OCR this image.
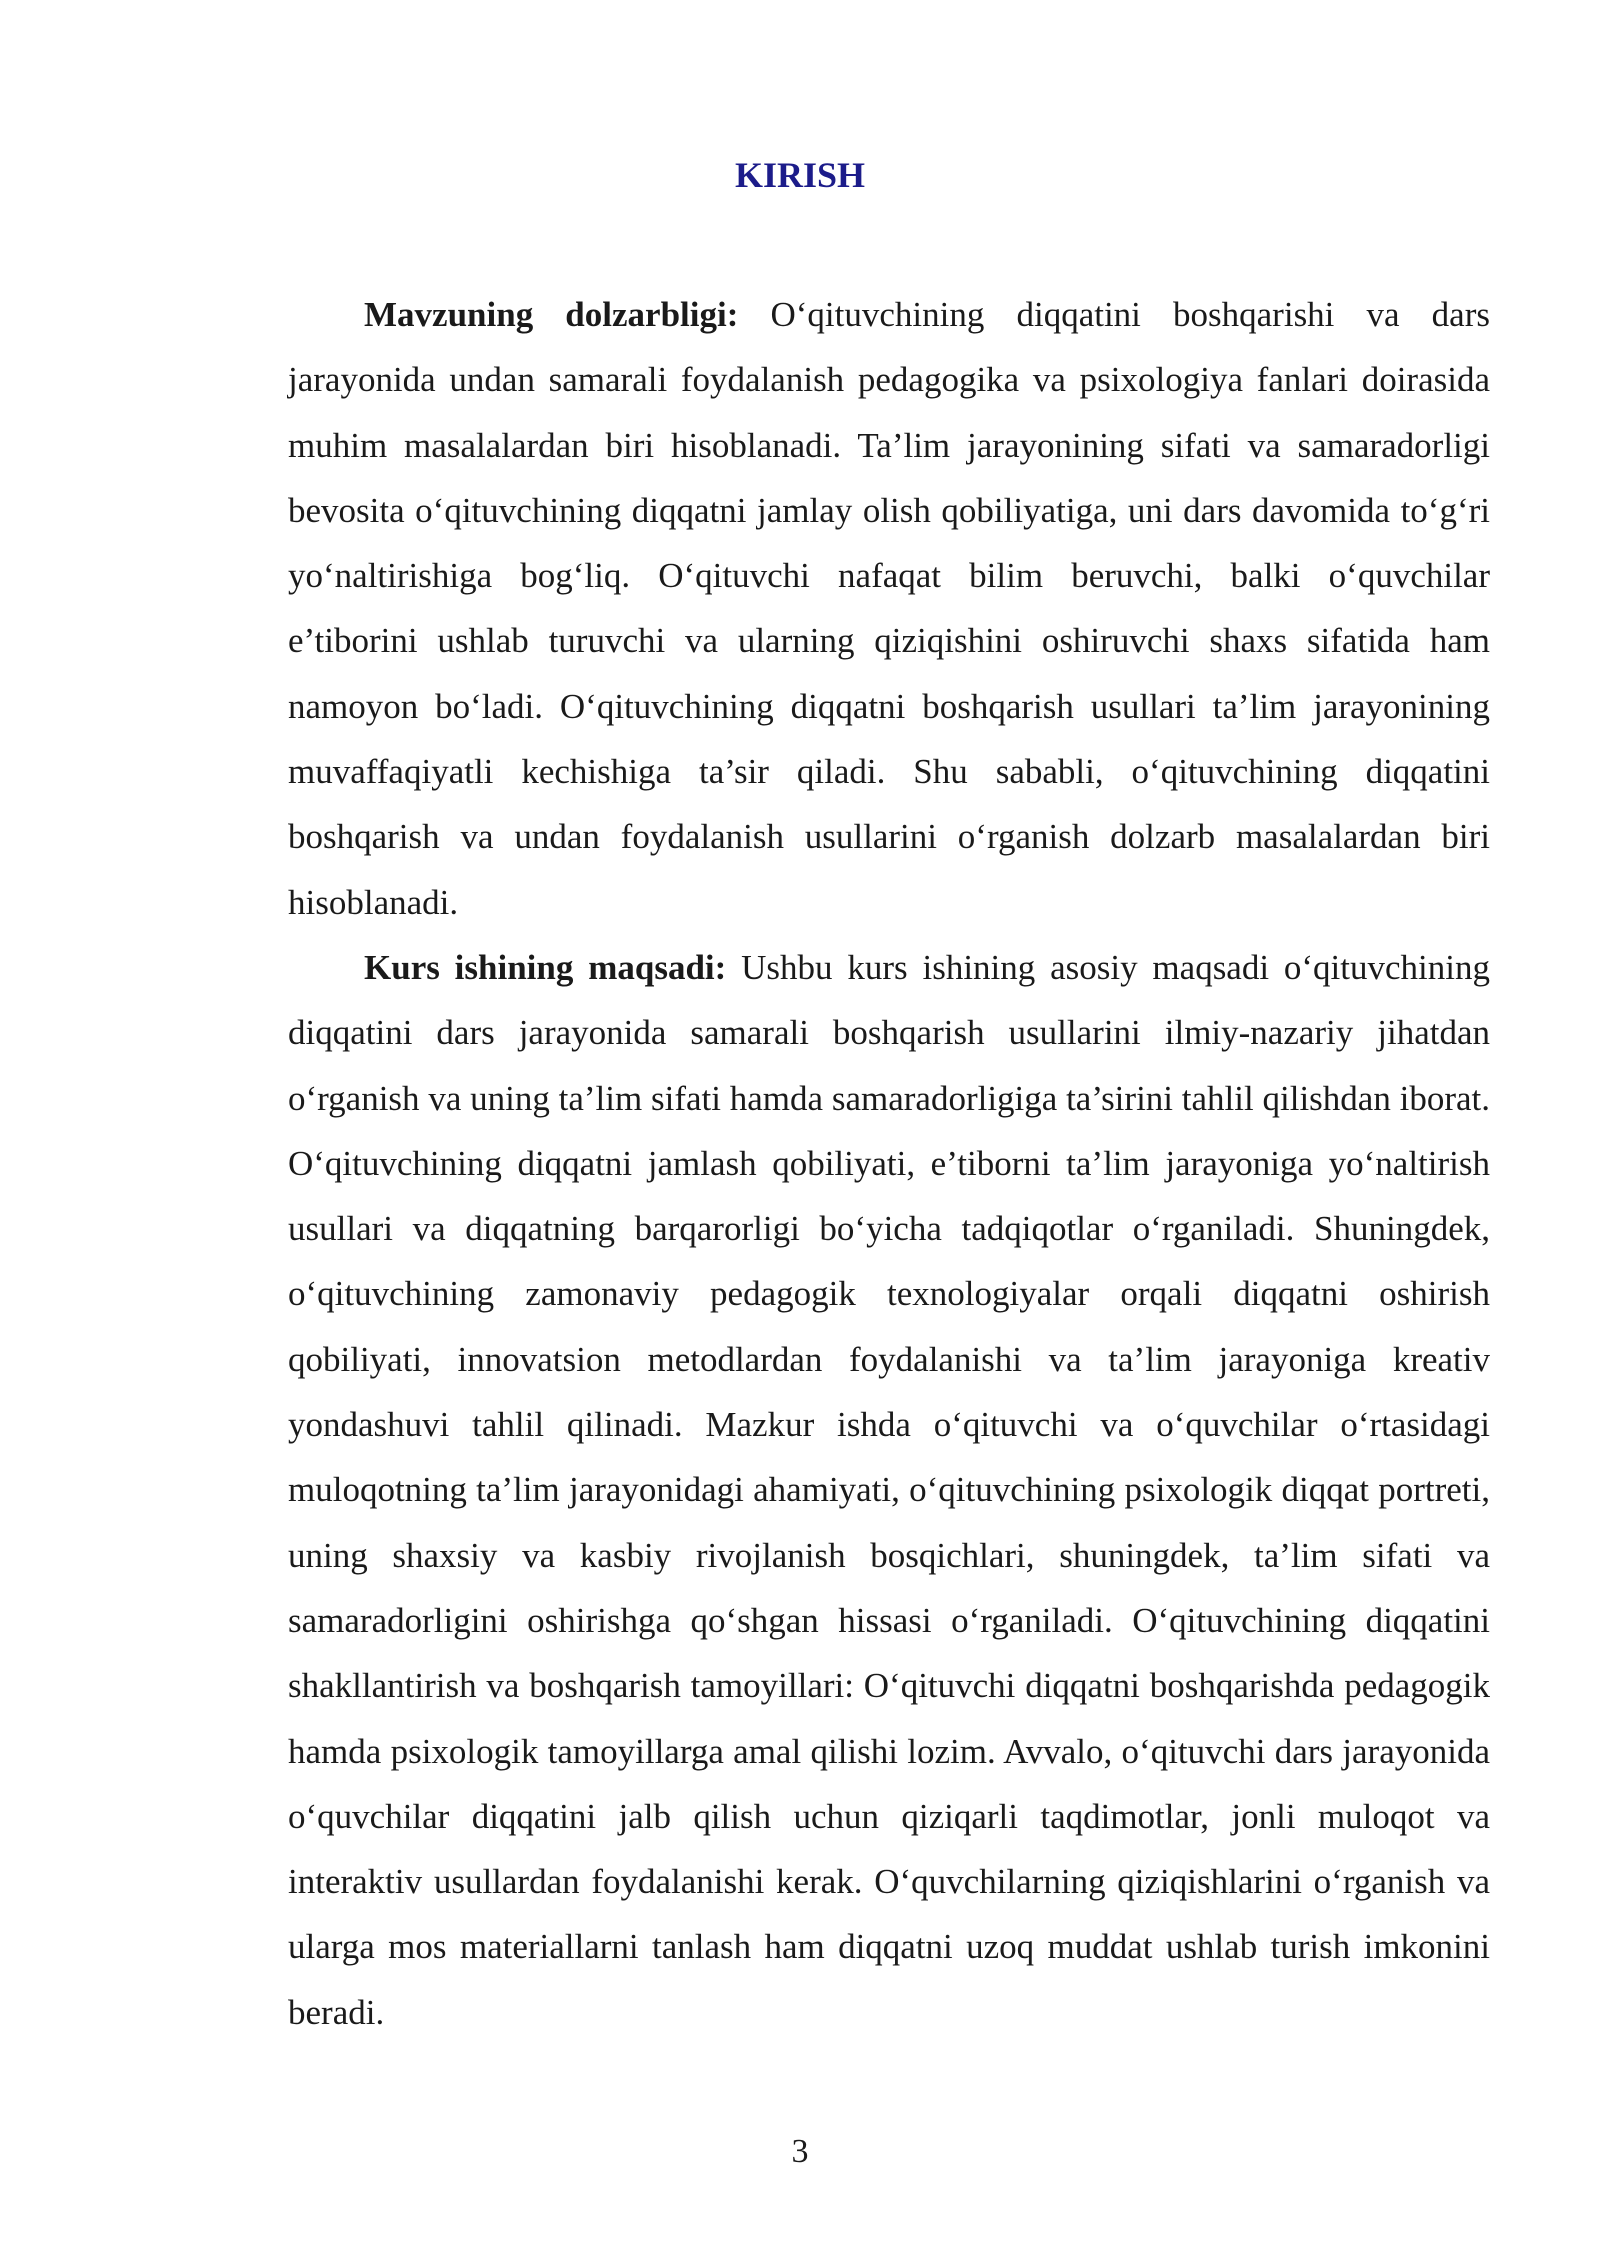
KIRISH

Mavzuning dolzarbligi: O‘qituvchining diqqatini boshqarishi va dars jarayonida undan samarali foydalanish pedagogika va psixologiya fanlari doirasida muhim masalalardan biri hisoblanadi. Ta’lim jarayonining sifati va samaradorligi bevosita o‘qituvchining diqqatni jamlay olish qobiliyatiga, uni dars davomida to‘g‘ri yo‘naltirishiga bog‘liq. O‘qituvchi nafaqat bilim beruvchi, balki o‘quvchilar e’tiborini ushlab turuvchi va ularning qiziqishini oshiruvchi shaxs sifatida ham namoyon bo‘ladi. O‘qituvchining diqqatni boshqarish usullari ta’lim jarayonining muvaffaqiyatli kechishiga ta’sir qiladi. Shu sababli, o‘qituvchining diqqatini boshqarish va undan foydalanish usullarini o‘rganish dolzarb masalalardan biri hisoblanadi.

Kurs ishining maqsadi: Ushbu kurs ishining asosiy maqsadi o‘qituvchining diqqatini dars jarayonida samarali boshqarish usullarini ilmiy-nazariy jihatdan o‘rganish va uning ta’lim sifati hamda samaradorligiga ta’sirini tahlil qilishdan iborat. O‘qituvchining diqqatni jamlash qobiliyati, e’tiborni ta’lim jarayoniga yo‘naltirish usullari va diqqatning barqarorligi bo‘yicha tadqiqotlar o‘rganiladi. Shuningdek, o‘qituvchining zamonaviy pedagogik texnologiyalar orqali diqqatni oshirish qobiliyati, innovatsion metodlardan foydalanishi va ta’lim jarayoniga kreativ yondashuvi tahlil qilinadi. Mazkur ishda o‘qituvchi va o‘quvchilar o‘rtasidagi muloqotning ta’lim jarayonidagi ahamiyati, o‘qituvchining psixologik diqqat portreti, uning shaxsiy va kasbiy rivojlanish bosqichlari, shuningdek, ta’lim sifati va samaradorligini oshirishga qo‘shgan hissasi o‘rganiladi. O‘qituvchining diqqatini shakllantirish va boshqarish tamoyillari: O‘qituvchi diqqatni boshqarishda pedagogik hamda psixologik tamoyillarga amal qilishi lozim. Avvalo, o‘qituvchi dars jarayonida o‘quvchilar diqqatini jalb qilish uchun qiziqarli taqdimotlar, jonli muloqot va interaktiv usullardan foydalanishi kerak. O‘quvchilarning qiziqishlarini o‘rganish va ularga mos materiallarni tanlash ham diqqatni uzoq muddat ushlab turish imkonini beradi.

3
